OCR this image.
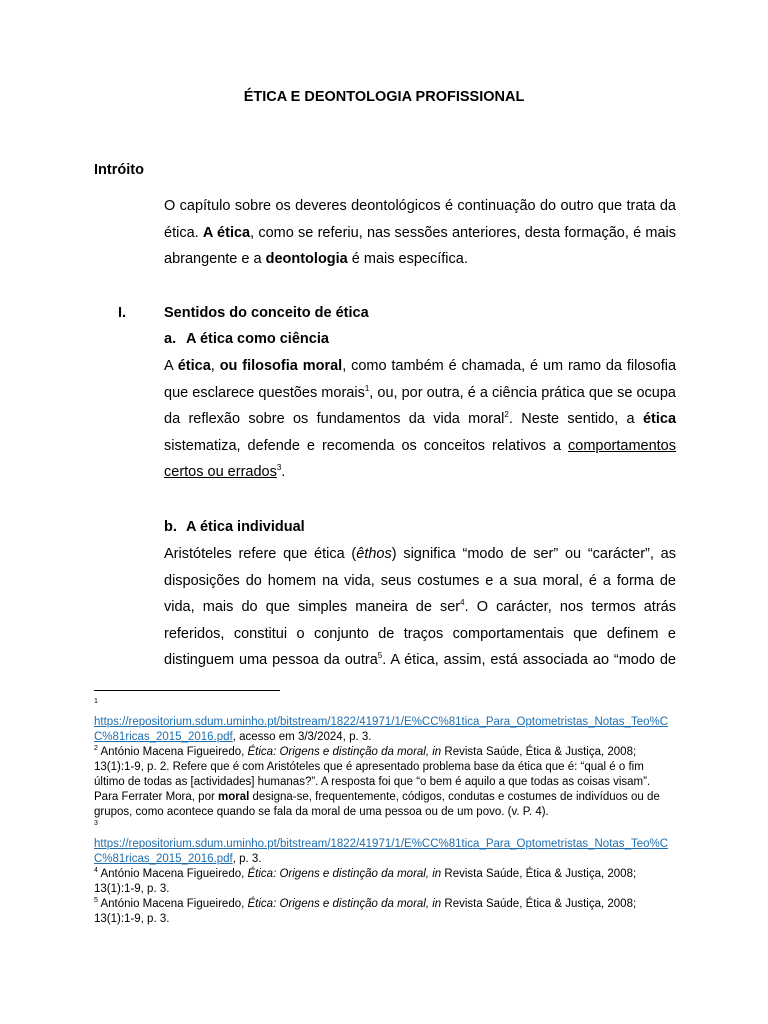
ÉTICA E DEONTOLOGIA PROFISSIONAL
Intróito

O capítulo sobre os deveres deontológicos é continuação do outro que trata da ética. A ética, como se referiu, nas sessões anteriores, desta formação, é mais abrangente e a deontologia é mais específica.

I.	Sentidos do conceito de ética
a. A ética como ciência

A ética, ou filosofia moral, como também é chamada, é um ramo da filosofia que esclarece questões morais$^1$, ou, por outra, é a ciência prática que se ocupa da reflexão sobre os fundamentos da vida moral$^2$. Neste sentido, a ética sistematiza, defende e recomenda os conceitos relativos a comportamentos certos ou errados$^3$.

b. A ética individual

Aristóteles refere que ética (êthos) significa “modo de ser” ou “carácter”, as disposições do homem na vida, seus costumes e a sua moral, é a forma de vida, mais do que simples maneira de ser$^4$. O carácter, nos termos atrás referidos, constitui o conjunto de traços comportamentais que definem e distinguem uma pessoa da outra$^5$. A ética, assim, está associada ao “modo de

$^1$

https://repositorium.sdum.uminho.pt/bitstream/1822/41971/1/E%CC%81tica_Para_Optometristas_Notas_Teo%CC%81ricas_2015_2016.pdf, acesso em 3/3/2024, p. 3.

$^2$ António Macena Figueiredo, Ética: Origens e distinção da moral, in Revista Saúde, Ética & Justiça, 2008; 13(1):1-9, p. 2. Refere que é com Aristóteles que é apresentado problema base da ética que é: “qual é o fim último de todas as [actividades] humanas?”. A resposta foi que “o bem é aquilo a que todas as coisas visam”.

Para Ferrater Mora, por moral designa-se, frequentemente, códigos, condutas e costumes de indivíduos ou de grupos, como acontece quando se fala da moral de uma pessoa ou de um povo. (v. P. 4).

$^3$

https://repositorium.sdum.uminho.pt/bitstream/1822/41971/1/E%CC%81tica_Para_Optometristas_Notas_Teo%CC%81ricas_2015_2016.pdf, p. 3.

$^4$ António Macena Figueiredo, Ética: Origens e distinção da moral, in Revista Saúde, Ética & Justiça, 2008; 13(1):1-9, p. 3.

$^5$ António Macena Figueiredo, Ética: Origens e distinção da moral, in Revista Saúde, Ética & Justiça, 2008; 13(1):1-9, p. 3.
